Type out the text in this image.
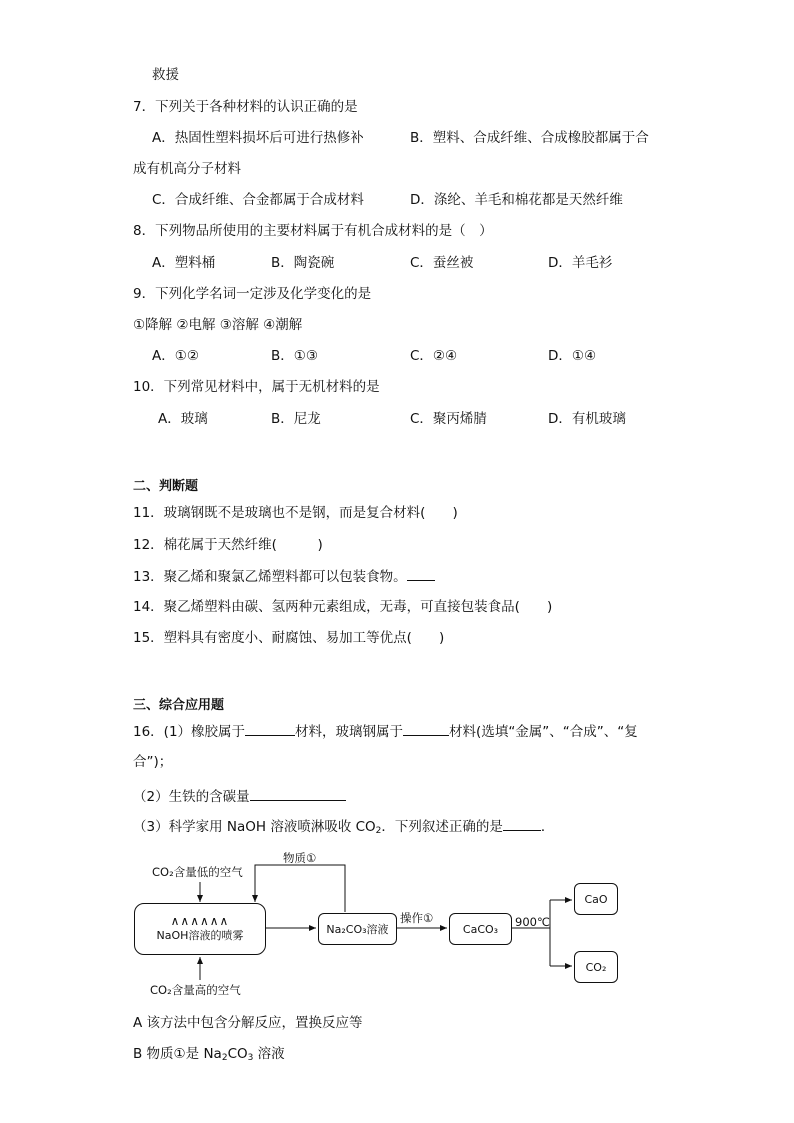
救援
7．下列关于各种材料的认识正确的是
A．热固性塑料损坏后可进行热修补	B．塑料、合成纤维、合成橡胶都属于合
成有机高分子材料
C．合成纤维、合金都属于合成材料	D．涤纶、羊毛和棉花都是天然纤维
8．下列物品所使用的主要材料属于有机合成材料的是（　）
A．塑料桶	B．陶瓷碗	C．蚕丝被	D．羊毛衫
9．下列化学名词一定涉及化学变化的是
①降解 ②电解 ③溶解 ④潮解
A．①②	B．①③	C．②④	D．①④
10．下列常见材料中，属于无机材料的是
A．玻璃	B．尼龙	C．聚丙烯腈	D．有机玻璃
二、判断题
11．玻璃钢既不是玻璃也不是钢，而是复合材料(　　)
12．棉花属于天然纤维(　　　)
13．聚乙烯和聚氯乙烯塑料都可以包装食物。
14．聚乙烯塑料由碳、氢两种元素组成，无毒，可直接包装食品(　　)
15．塑料具有密度小、耐腐蚀、易加工等优点(　　)
三、综合应用题
16．(1）橡胶属于	材料，玻璃钢属于	材料(选填“金属”、“合成”、“复
合”)；
（2）生铁的含碳量
（3）科学家用 NaOH 溶液喷淋吸收 $CO_2$．下列叙述正确的是	．
CO₂含量低的空气
物质①
∧∧∧∧∧∧
NaOH溶液的喷雾	Na₂CO₃溶液
操作①
CaCO₃	900℃
CaO
CO₂
CO₂含量高的空气
A 该方法中包含分解反应，置换反应等
B 物质①是 $Na_2CO_3$ 溶液
